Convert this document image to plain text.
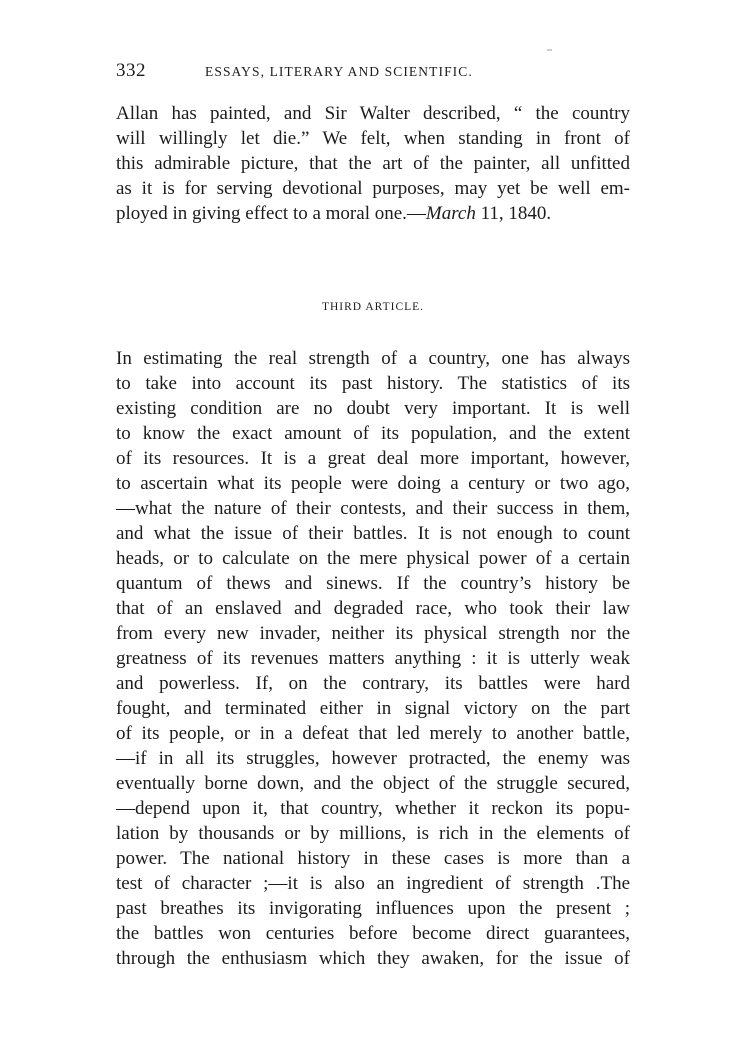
332	ESSAYS, LITERARY AND SCIENTIFIC.
Allan has painted, and Sir Walter described, “ the country
will willingly let die.” We felt, when standing in front of
this admirable picture, that the art of the painter, all unfitted
as it is for serving devotional purposes, may yet be well em-
ployed in giving effect to a moral one.—March 11, 1840.
THIRD ARTICLE.
In estimating the real strength of a country, one has always
to take into account its past history. The statistics of its
existing condition are no doubt very important. It is well
to know the exact amount of its population, and the extent
of its resources. It is a great deal more important, however,
to ascertain what its people were doing a century or two ago,
—what the nature of their contests, and their success in them,
and what the issue of their battles. It is not enough to count
heads, or to calculate on the mere physical power of a certain
quantum of thews and sinews. If the country’s history be
that of an enslaved and degraded race, who took their law
from every new invader, neither its physical strength nor the
greatness of its revenues matters anything : it is utterly weak
and powerless. If, on the contrary, its battles were hard
fought, and terminated either in signal victory on the part
of its people, or in a defeat that led merely to another battle,
—if in all its struggles, however protracted, the enemy was
eventually borne down, and the object of the struggle secured,
—depend upon it, that country, whether it reckon its popu-
lation by thousands or by millions, is rich in the elements of
power. The national history in these cases is more than a
test of character ;—it is also an ingredient of strength .The
past breathes its invigorating influences upon the present ;
the battles won centuries before become direct guarantees,
through the enthusiasm which they awaken, for the issue of
